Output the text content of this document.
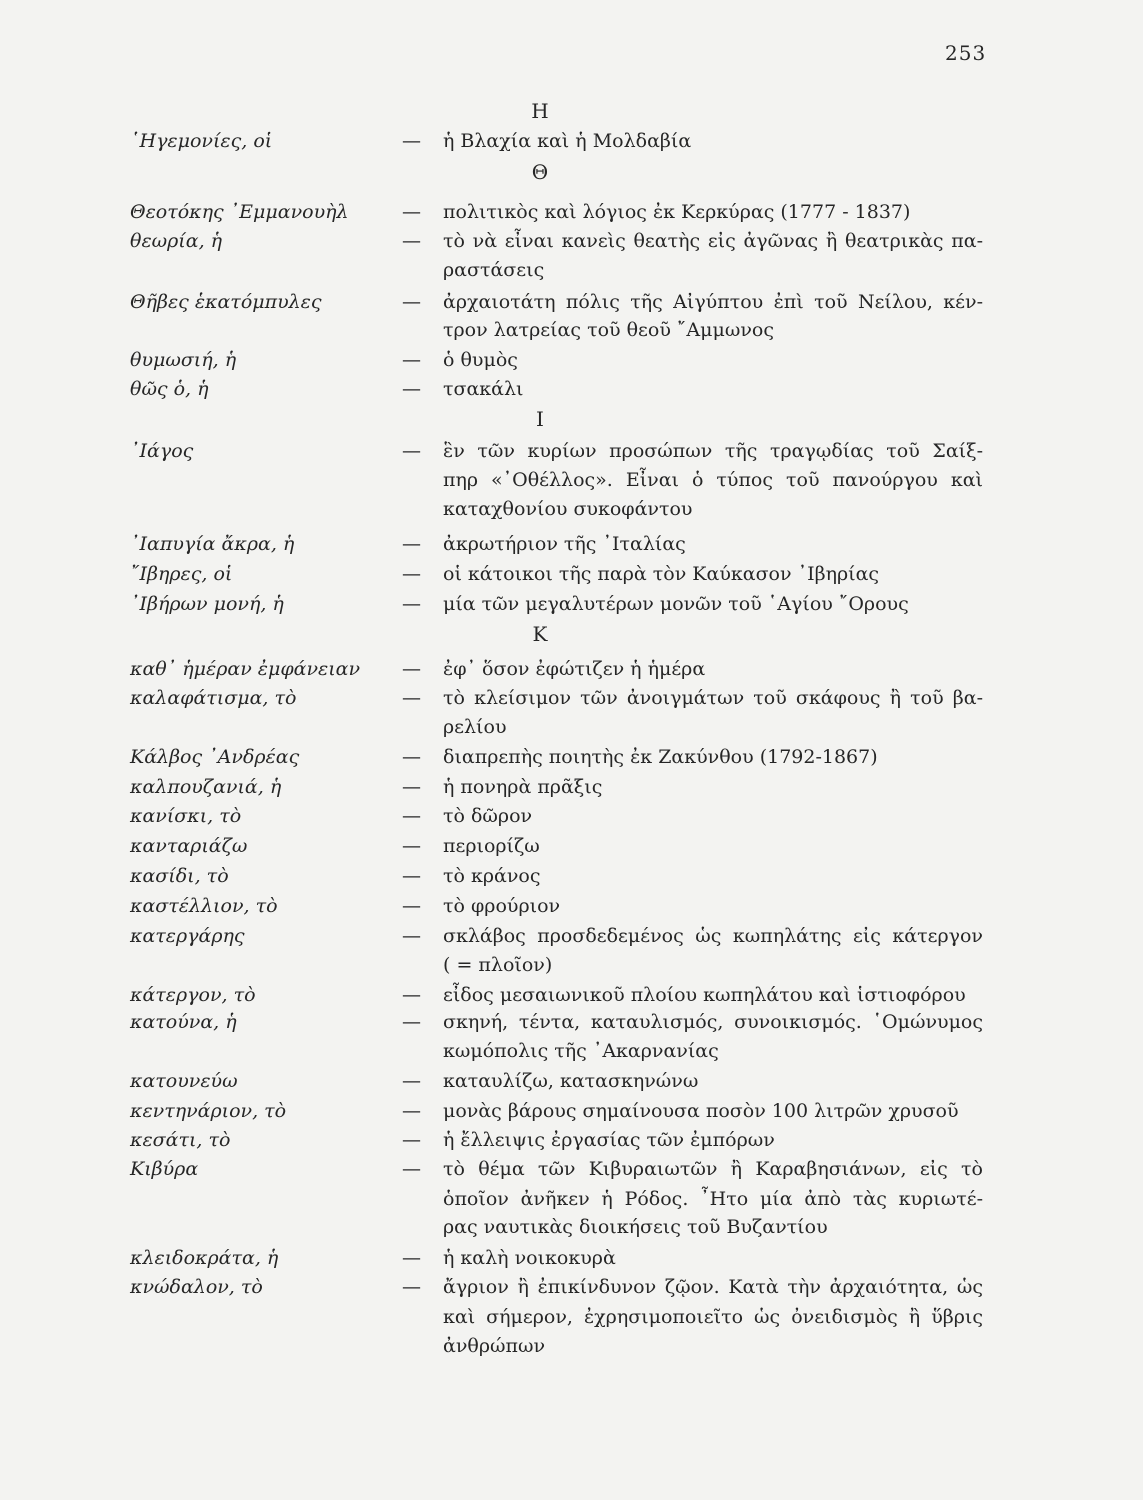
253
Η
῾Ηγεμονίες, οἱ	— ἡ Βλαχία καὶ ἡ Μολδαβία
Θ
Θεοτόκης ᾿Εμμανουὴλ	— πολιτικὸς καὶ λόγιος ἐκ Κερκύρας (1777 - 1837)
θεωρία, ἡ	— τὸ νὰ εἶναι κανεὶς θεατὴς εἰς ἀγῶνας ἢ θεατρικὰς πα-
ραστάσεις
Θῆβες ἑκατόμπυλες	— ἀρχαιοτάτη πόλις τῆς Αἰγύπτου ἐπὶ τοῦ Νείλου, κέν-
τρον λατρείας τοῦ θεοῦ ῎Αμμωνος
θυμωσιή, ἡ	— ὁ θυμὸς
θῶς ὁ, ἡ	— τσακάλι
Ι
᾿Ιάγος	— ἓν τῶν κυρίων προσώπων τῆς τραγῳδίας τοῦ Σαίξ-
πηρ «᾿Οθέλλος». Εἶναι ὁ τύπος τοῦ πανούργου καὶ
καταχθονίου συκοφάντου
᾿Ιαπυγία ἄκρα, ἡ	— ἀκρωτήριον τῆς ᾿Ιταλίας
῎Ιβηρες, οἱ	— οἱ κάτοικοι τῆς παρὰ τὸν Καύκασον ᾿Ιβηρίας
᾿Ιβήρων μονή, ἡ	— μία τῶν μεγαλυτέρων μονῶν τοῦ ῾Αγίου ῎Ορους
Κ
καθ᾿ ἡμέραν ἐμφάνειαν	— ἐφ᾿ ὅσον ἐφώτιζεν ἡ ἡμέρα
καλαφάτισμα, τὸ	— τὸ κλείσιμον τῶν ἀνοιγμάτων τοῦ σκάφους ἢ τοῦ βα-
ρελίου
Κάλβος ᾿Ανδρέας	— διαπρεπὴς ποιητὴς ἐκ Ζακύνθου (1792-1867)
καλπουζανιά, ἡ	— ἡ πονηρὰ πρᾶξις
κανίσκι, τὸ	— τὸ δῶρον
κανταριάζω	— περιορίζω
κασίδι, τὸ	— τὸ κράνος
καστέλλιον, τὸ	— τὸ φρούριον
κατεργάρης	— σκλάβος προσδεδεμένος ὡς κωπηλάτης εἰς κάτεργον
( = πλοῖον)
κάτεργον, τὸ	— εἶδος μεσαιωνικοῦ πλοίου κωπηλάτου καὶ ἱστιοφόρου
κατούνα, ἡ	— σκηνή, τέντα, καταυλισμός, συνοικισμός. ῾Ομώνυμος
κωμόπολις τῆς ᾿Ακαρνανίας
κατουνεύω	— καταυλίζω, κατασκηνώνω
κεντηνάριον, τὸ	— μονὰς βάρους σημαίνουσα ποσὸν 100 λιτρῶν χρυσοῦ
κεσάτι, τὸ	— ἡ ἔλλειψις ἐργασίας τῶν ἐμπόρων
Κιβύρα	— τὸ θέμα τῶν Κιβυραιωτῶν ἢ Καραβησιάνων, εἰς τὸ
ὁποῖον ἀνῆκεν ἡ Ρόδος. ῏Ητο μία ἀπὸ τὰς κυριωτέ-
ρας ναυτικὰς διοικήσεις τοῦ Βυζαντίου
κλειδοκράτα, ἡ	— ἡ καλὴ νοικοκυρὰ
κνώδαλον, τὸ	— ἄγριον ἢ ἐπικίνδυνον ζῷον. Κατὰ τὴν ἀρχαιότητα, ὡς
καὶ σήμερον, ἐχρησιμοποιεῖτο ὡς ὀνειδισμὸς ἢ ὕβρις
ἀνθρώπων
